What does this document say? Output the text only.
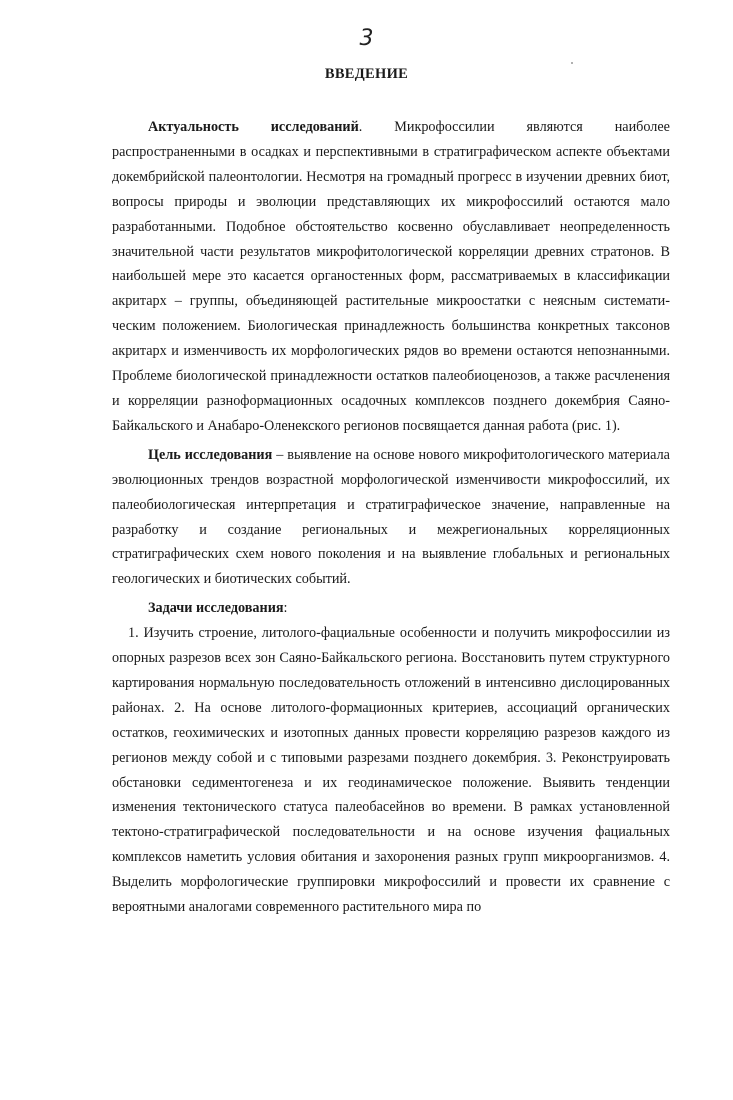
3
ВВЕДЕНИЕ

Актуальность исследований. Микрофоссилии являются наиболее распространенными в осадках и перспективными в стратиграфическом аспекте объектами докембрийской палеонтологии. Несмотря на громадный прогресс в изучении древних биот, вопросы природы и эволюции представляющих их микрофоссилий остаются мало разработанными. Подобное обстоятельство косвенно обуславливает неопределенность значительной части результатов микрофитологической корреляции древних стратонов. В наибольшей мере это касается органостенных форм, рассматриваемых в классификации акритарх – группы, объединяющей растительные микроостатки с неясным системати-ческим положением. Биологическая принадлежность большинства конкретных таксонов акритарх и изменчивость их морфологических рядов во времени остаются непознанными. Проблеме биологической принадлежности остатков палеобиоценозов, а также расчленения и корреляции разноформационных осадочных комплексов позднего докембрия Саяно-Байкальского и Анабаро-Оленекского регионов посвящается данная работа (рис. 1).

Цель исследования – выявление на основе нового микрофитологического материала эволюционных трендов возрастной морфологической изменчивости микрофоссилий, их палеобиологическая интерпретация и стратиграфическое значение, направленные на разработку и создание региональных и межрегиональных корреляционных стратиграфических схем нового поколения и на выявление глобальных и региональных геологических и биотических событий.

Задачи исследования:

1. Изучить строение, литолого-фациальные особенности и получить микрофоссилии из опорных разрезов всех зон Саяно-Байкальского региона. Восстановить путем структурного картирования нормальную последовательность отложений в интенсивно дислоцированных районах. 2. На основе литолого-формационных критериев, ассоциаций органических остатков, геохимических и изотопных данных провести корреляцию разрезов каждого из регионов между собой и с типовыми разрезами позднего докембрия. 3. Реконструировать обстановки седиментогенеза и их геодинамическое положение. Выявить тенденции изменения тектонического статуса палеобасейнов во времени. В рамках установленной тектоно-стратиграфической последовательности и на основе изучения фациальных комплексов наметить условия обитания и захоронения разных групп микроорганизмов. 4. Выделить морфологические группировки микрофоссилий и провести их сравнение с вероятными аналогами современного растительного мира по
